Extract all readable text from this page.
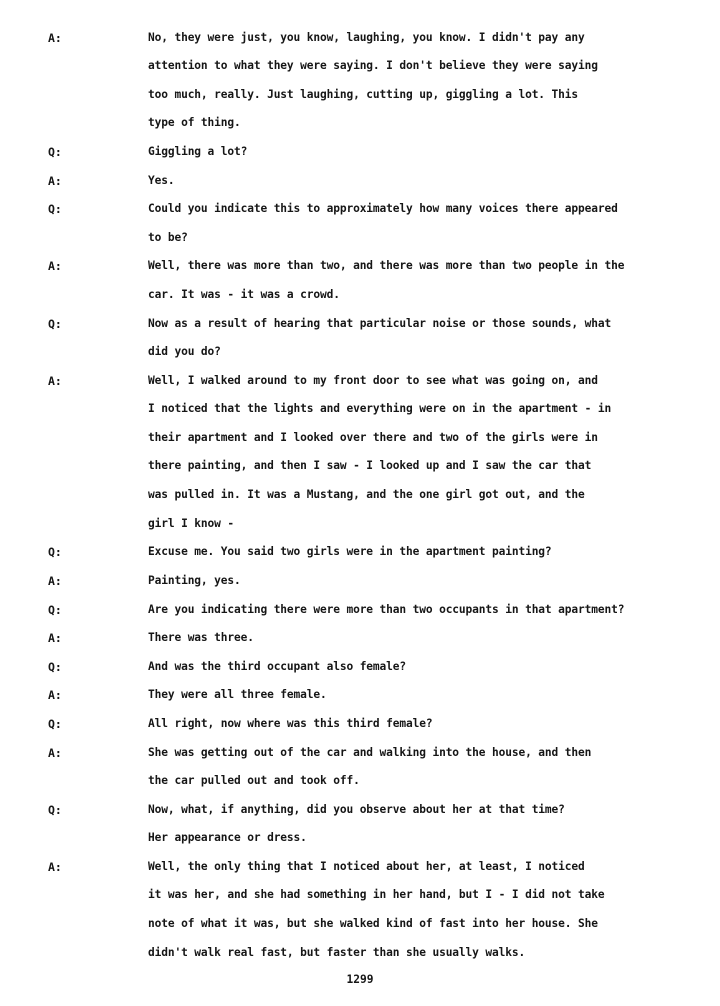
A:	No, they were just, you know, laughing, you know. I didn't pay any
attention to what they were saying. I don't believe they were saying
too much, really. Just laughing, cutting up, giggling a lot. This
type of thing.
Q:	Giggling a lot?
A:	Yes.
Q:	Could you indicate this to approximately how many voices there appeared
to be?
A:	Well, there was more than two, and there was more than two people in the
car. It was - it was a crowd.
Q:	Now as a result of hearing that particular noise or those sounds, what
did you do?
A:	Well, I walked around to my front door to see what was going on, and
I noticed that the lights and everything were on in the apartment - in
their apartment and I looked over there and two of the girls were in
there painting, and then I saw - I looked up and I saw the car that
was pulled in. It was a Mustang, and the one girl got out, and the
girl I know -
Q:	Excuse me. You said two girls were in the apartment painting?
A:	Painting, yes.
Q:	Are you indicating there were more than two occupants in that apartment?
A:	There was three.
Q:	And was the third occupant also female?
A:	They were all three female.
Q:	All right, now where was this third female?
A:	She was getting out of the car and walking into the house, and then
the car pulled out and took off.
Q:	Now, what, if anything, did you observe about her at that time?
Her appearance or dress.
A:	Well, the only thing that I noticed about her, at least, I noticed
it was her, and she had something in her hand, but I - I did not take
note of what it was, but she walked kind of fast into her house. She
didn't walk real fast, but faster than she usually walks.
1299
